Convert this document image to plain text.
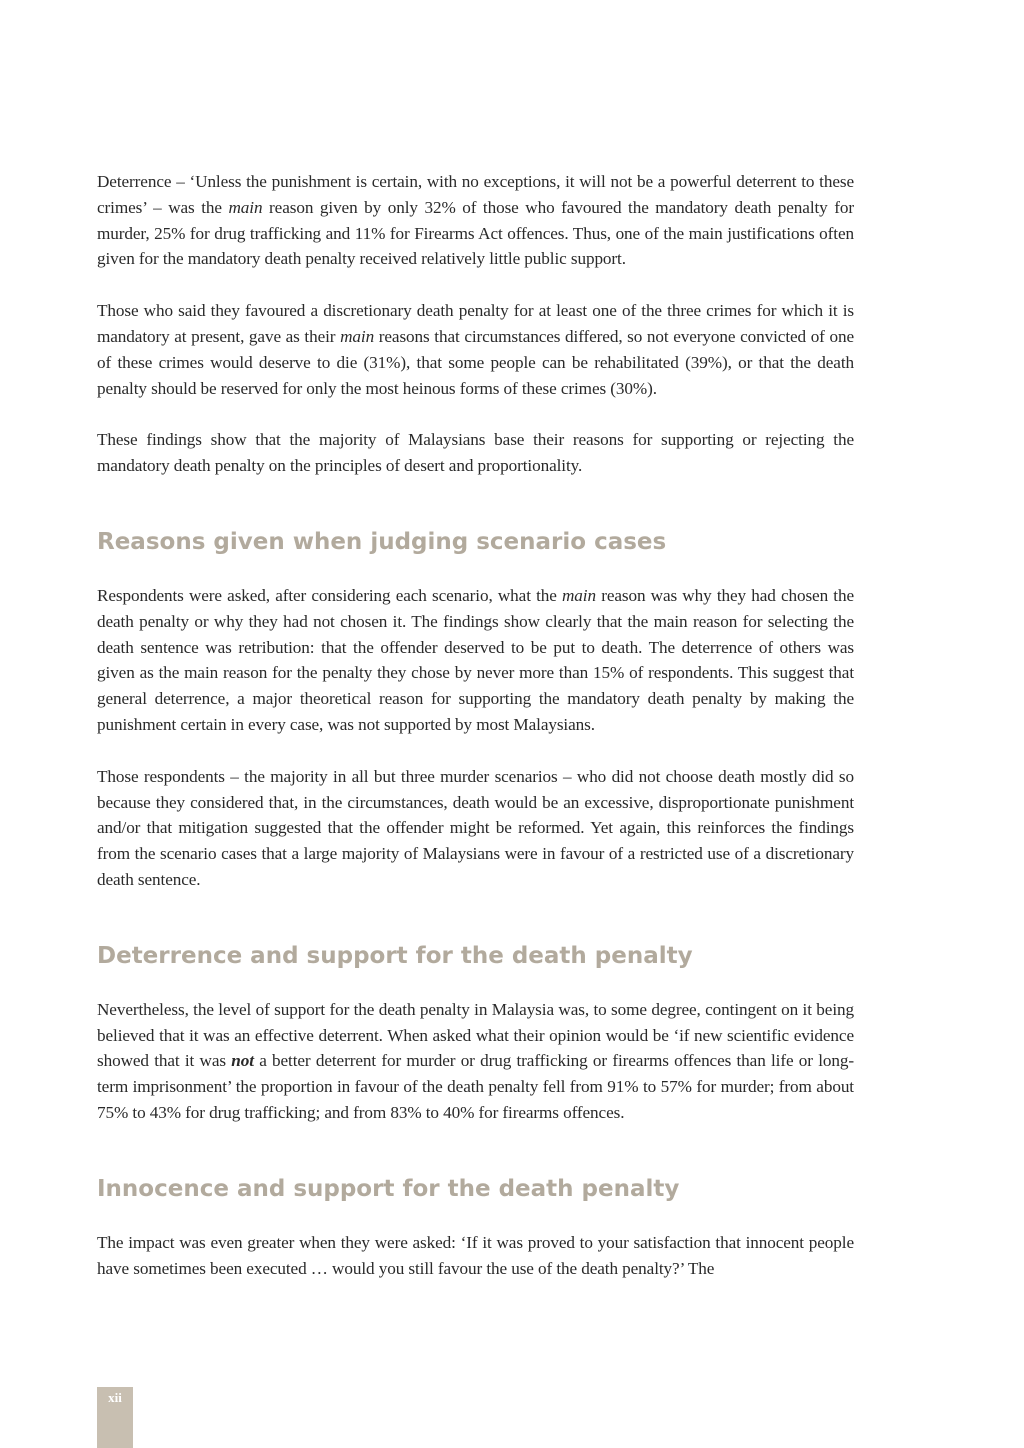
Deterrence – ‘Unless the punishment is certain, with no exceptions, it will not be a powerful deterrent to these crimes’ – was the main reason given by only 32% of those who favoured the mandatory death penalty for murder, 25% for drug trafficking and 11% for Firearms Act offences. Thus, one of the main justifications often given for the mandatory death penalty received relatively little public support.

Those who said they favoured a discretionary death penalty for at least one of the three crimes for which it is mandatory at present, gave as their main reasons that circumstances differed, so not everyone convicted of one of these crimes would deserve to die (31%), that some people can be rehabilitated (39%), or that the death penalty should be reserved for only the most heinous forms of these crimes (30%).

These findings show that the majority of Malaysians base their reasons for supporting or rejecting the mandatory death penalty on the principles of desert and proportionality.

Reasons given when judging scenario cases

Respondents were asked, after considering each scenario, what the main reason was why they had chosen the death penalty or why they had not chosen it. The findings show clearly that the main reason for selecting the death sentence was retribution: that the offender deserved to be put to death. The deterrence of others was given as the main reason for the penalty they chose by never more than 15% of respondents. This suggest that general deterrence, a major theoretical reason for supporting the mandatory death penalty by making the punishment certain in every case, was not supported by most Malaysians.

Those respondents – the majority in all but three murder scenarios – who did not choose death mostly did so because they considered that, in the circumstances, death would be an excessive, disproportionate punishment and/or that mitigation suggested that the offender might be reformed. Yet again, this reinforces the findings from the scenario cases that a large majority of Malaysians were in favour of a restricted use of a discretionary death sentence.

Deterrence and support for the death penalty

Nevertheless, the level of support for the death penalty in Malaysia was, to some degree, contingent on it being believed that it was an effective deterrent. When asked what their opinion would be ‘if new scientific evidence showed that it was not a better deterrent for murder or drug trafficking or firearms offences than life or long-term imprisonment’ the proportion in favour of the death penalty fell from 91% to 57% for murder; from about 75% to 43% for drug trafficking; and from 83% to 40% for firearms offences.

Innocence and support for the death penalty

The impact was even greater when they were asked: ‘If it was proved to your satisfaction that innocent people have sometimes been executed … would you still favour the use of the death penalty?’ The

xii
